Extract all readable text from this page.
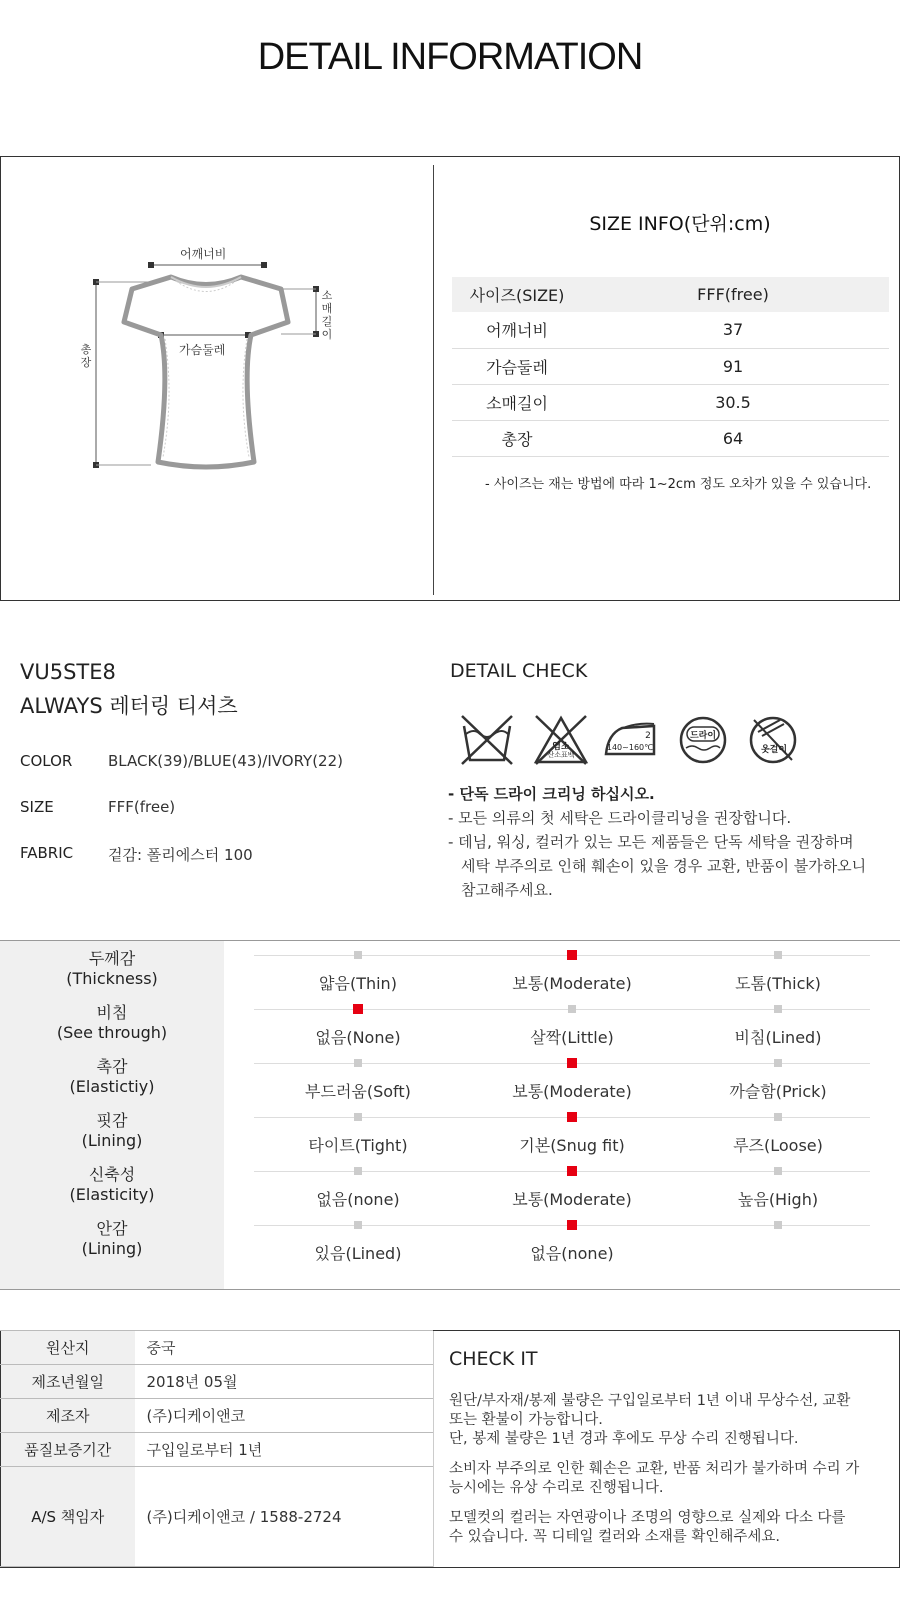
DETAIL INFORMATION
어깨너비
가슴둘레
소
매
길
이
총
장
SIZE INFO(단위:cm)
사이즈(SIZE)	FFF(free)
어깨너비	37
가슴둘레	91
소매길이	30.5
총장	64
- 사이즈는 재는 방법에 따라 1~2cm 정도 오차가 있을 수 있습니다.
VU5STE8
ALWAYS 레터링 티셔츠
COLOR BLACK(39)/BLUE(43)/IVORY(22)
SIZE	FFF(free)
FABRIC 겉감: 폴리에스터 100
DETAIL CHECK
염소
산소표백
2
140~160℃
드라이
옷걸이
- 단독 드라이 크리닝 하십시오.
- 모든 의류의 첫 세탁은 드라이클리닝을 권장합니다.
- 데님, 워싱, 컬러가 있는 모든 제품들은 단독 세탁을 권장하며
세탁 부주의로 인해 훼손이 있을 경우 교환, 반품이 불가하오니
참고해주세요.
두께감
(Thickness)	얇음(Thin)	보통(Moderate)	도톰(Thick)
비침
(See through)	없음(None)	살짝(Little)	비침(Lined)
촉감
(Elastictiy)	부드러움(Soft)	보통(Moderate)	까슬함(Prick)
핏감
(Lining)	타이트(Tight)	기본(Snug fit)	루즈(Loose)
신축성
(Elasticity)	없음(none)	보통(Moderate)	높음(High)
안감
(Lining)	있음(Lined)	없음(none)
원산지	중국
제조년월일	2018년 05월
제조자	(주)디케이앤코
품질보증기간	구입일로부터 1년
A/S 책임자	(주)디케이앤코 / 1588-2724
CHECK IT
원단/부자재/봉제 불량은 구입일로부터 1년 이내 무상수선, 교환
또는 환불이 가능합니다.
단, 봉제 불량은 1년 경과 후에도 무상 수리 진행됩니다.
소비자 부주의로 인한 훼손은 교환, 반품 처리가 불가하며 수리 가
능시에는 유상 수리로 진행됩니다.
모델컷의 컬러는 자연광이나 조명의 영향으로 실제와 다소 다를
수 있습니다. 꼭 디테일 컬러와 소재를 확인해주세요.
